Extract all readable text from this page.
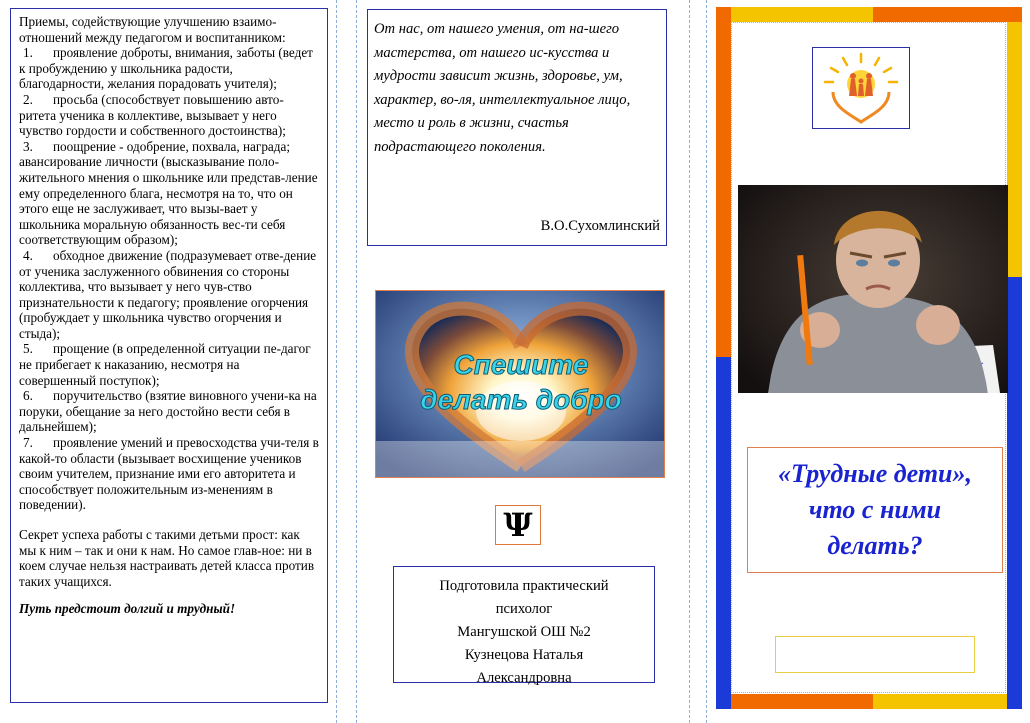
Приемы, содействующие улучшению взаимо-отношений между педагогом и воспитанником:

1. проявление доброты, внимания, заботы (ведет к пробуждению у школьника радости, благодарности, желания порадовать учителя);

2. просьба (способствует повышению авто-ритета ученика в коллективе, вызывает у него чувство гордости и собственного достоинства);

3. поощрение - одобрение, похвала, награда; авансирование личности (высказывание поло-жительного мнения о школьнике или представ-ление ему определенного блага, несмотря на то, что он этого еще не заслуживает, что вызы-вает у школьника моральную обязанность вес-ти себя соответствующим образом);

4. обходное движение (подразумевает отве-дение от ученика заслуженного обвинения со стороны коллектива, что вызывает у него чув-ство признательности к педагогу; проявление огорчения (пробуждает у школьника чувство огорчения и стыда);

5. прощение (в определенной ситуации пе-дагог не прибегает к наказанию, несмотря на совершенный поступок);

6. поручительство (взятие виновного учени-ка на поруки, обещание за него достойно вести себя в дальнейшем);

7. проявление умений и превосходства учи-теля в какой-то области (вызывает восхищение учеников своим учителем, признание ими его авторитета и способствует положительным из-менениям в поведении).

Секрет успеха работы с такими детьми прост: как мы к ним – так и они к нам. Но самое глав-ное: ни в коем случае нельзя настраивать детей класса против таких учащихся.

Путь предстоит долгий и трудный!

От нас, от нашего умения, от на-шего мастерства, от нашего ис-кусства и мудрости зависит жизнь, здоровье, ум, характер, во-ля, интеллектуальное лицо, место и роль в жизни, счастья подрастающего поколения.
В.О.Сухомлинский
Спешите
делать добро
Ψ
Подготовила практический
психолог
Мангушской ОШ №2
Кузнецова Наталья
Александровна
«Трудные дети»,
что с ними
делать?
